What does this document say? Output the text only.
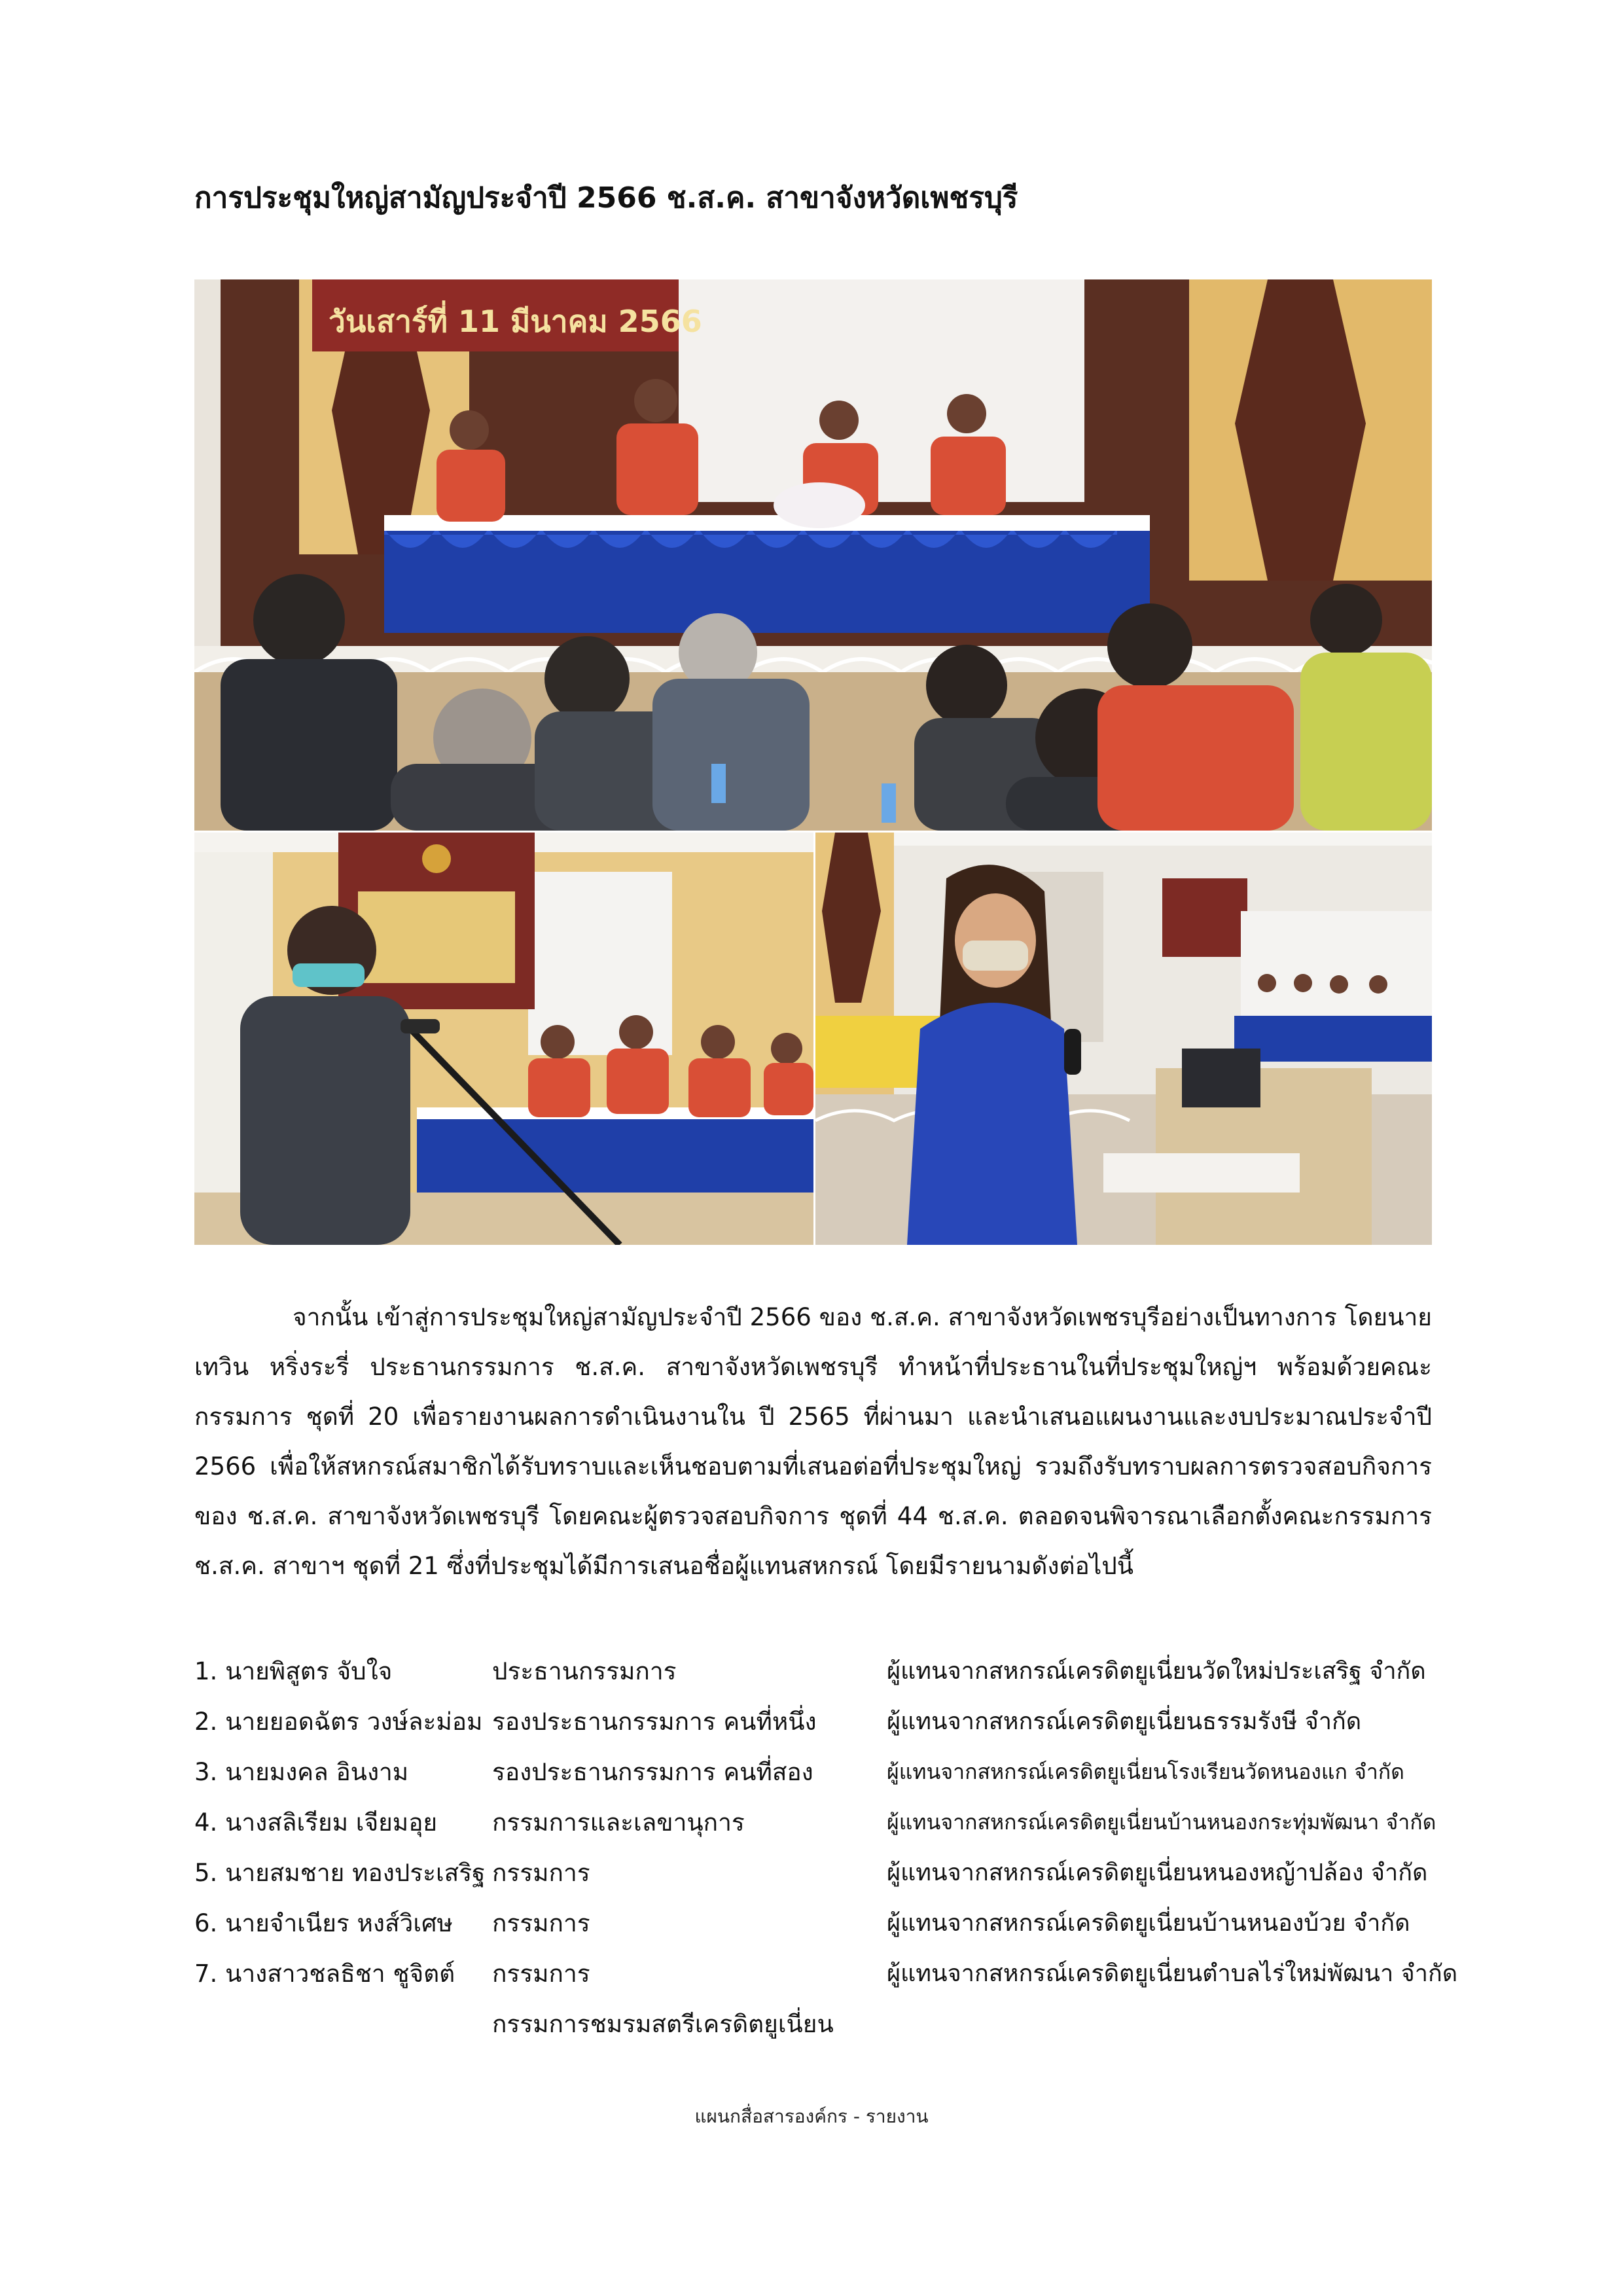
การประชุมใหญ่สามัญประจำปี 2566 ช.ส.ค. สาขาจังหวัดเพชรบุรี
วันเสาร์ที่ 11 มีนาคม 2566

จากนั้น เข้าสู่การประชุมใหญ่สามัญประจำปี 2566 ของ ช.ส.ค. สาขาจังหวัดเพชรบุรีอย่างเป็นทางการ โดยนายเทวิน หริ่งระรี่ ประธานกรรมการ ช.ส.ค. สาขาจังหวัดเพชรบุรี ทำหน้าที่ประธานในที่ประชุมใหญ่ฯ พร้อมด้วยคณะกรรมการ ชุดที่ 20 เพื่อรายงานผลการดำเนินงานใน ปี 2565 ที่ผ่านมา และนำเสนอแผนงานและงบประมาณประจำปี 2566 เพื่อให้สหกรณ์สมาชิกได้รับทราบและเห็นชอบตามที่เสนอต่อที่ประชุมใหญ่ รวมถึงรับทราบผลการตรวจสอบกิจการ ของ ช.ส.ค. สาขาจังหวัดเพชรบุรี โดยคณะผู้ตรวจสอบกิจการ ชุดที่ 44 ช.ส.ค. ตลอดจนพิจารณาเลือกตั้งคณะกรรมการ ช.ส.ค. สาขาฯ ชุดที่ 21 ซึ่งที่ประชุมได้มีการเสนอชื่อผู้แทนสหกรณ์ โดยมีรายนามดังต่อไปนี้

1. นายพิสูตร จับใจ	ประธานกรรมการ	ผู้แทนจากสหกรณ์เครดิตยูเนี่ยนวัดใหม่ประเสริฐ จำกัด
2. นายยอดฉัตร วงษ์ละม่อม รองประธานกรรมการ คนที่หนึ่ง	ผู้แทนจากสหกรณ์เครดิตยูเนี่ยนธรรมรังษี จำกัด
3. นายมงคล อินงาม	รองประธานกรรมการ คนที่สอง	ผู้แทนจากสหกรณ์เครดิตยูเนี่ยนโรงเรียนวัดหนองแก จำกัด
4. นางสลิเรียม เจียมอุย กรรมการและเลขานุการ	ผู้แทนจากสหกรณ์เครดิตยูเนี่ยนบ้านหนองกระทุ่มพัฒนา จำกัด
5. นายสมชาย ทองประเสริฐ กรรมการ	ผู้แทนจากสหกรณ์เครดิตยูเนี่ยนหนองหญ้าปล้อง จำกัด
6. นายจำเนียร หงส์วิเศษ กรรมการ	ผู้แทนจากสหกรณ์เครดิตยูเนี่ยนบ้านหนองบ้วย จำกัด
7. นางสาวชลธิชา ชูจิตต์ กรรมการ	ผู้แทนจากสหกรณ์เครดิตยูเนี่ยนตำบลไร่ใหม่พัฒนา จำกัด
กรรมการชมรมสตรีเครดิตยูเนี่ยน
แผนกสื่อสารองค์กร - รายงาน
